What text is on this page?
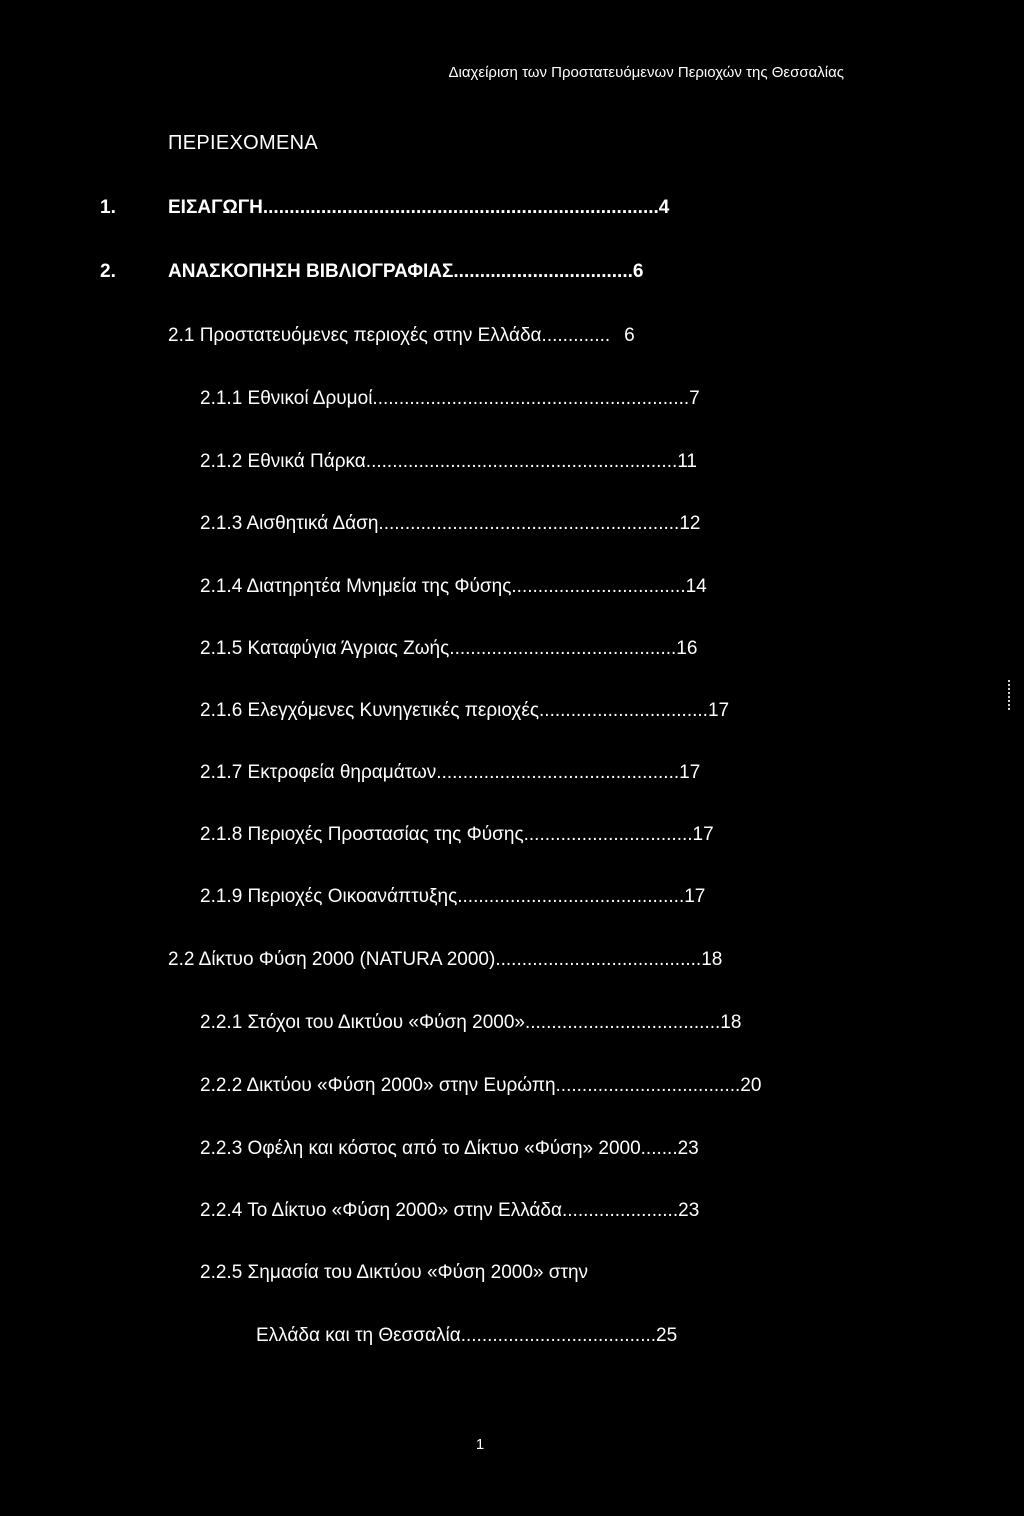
Διαχείριση των Προστατευόμενων Περιοχών της Θεσσαλίας
ΠΕΡΙΕΧΟΜΕΝΑ
1.	ΕΙΣΑΓΩΓΗ ........................................................................... 4
2.	ΑΝΑΣΚΟΠΗΣΗ ΒΙΒΛΙΟΓΡΑΦΙΑΣ .................................. 6
2.1 Προστατευόμενες περιοχές στην Ελλάδα ............. 6
2.1.1 Εθνικοί Δρυμοί ............................................................ 7
2.1.2 Εθνικά Πάρκα ........................................................... 11
2.1.3 Αισθητικά Δάση ......................................................... 12
2.1.4 Διατηρητέα Μνημεία της Φύσης ................................. 14
2.1.5 Καταφύγια Άγριας Ζωής ........................................... 16
2.1.6 Ελεγχόμενες Κυνηγετικές περιοχές ................................ 17
2.1.7 Εκτροφεία θηραμάτων .............................................. 17
2.1.8 Περιοχές Προστασίας της Φύσης ................................ 17
2.1.9 Περιοχές Οικοανάπτυξης ........................................... 17
2.2 Δίκτυο Φύση 2000 (NATURA 2000) ....................................... 18
2.2.1 Στόχοι του Δικτύου «Φύση 2000» ..................................... 18
2.2.2 Δικτύου «Φύση 2000» στην Ευρώπη ................................... 20
2.2.3 Οφέλη και κόστος από το Δίκτυο «Φύση» 2000 ....... 23
2.2.4 Το Δίκτυο «Φύση 2000» στην Ελλάδα ...................... 23
2.2.5 Σημασία του Δικτύου «Φύση 2000» στην
Ελλάδα και τη Θεσσαλία ..................................... 25
1
